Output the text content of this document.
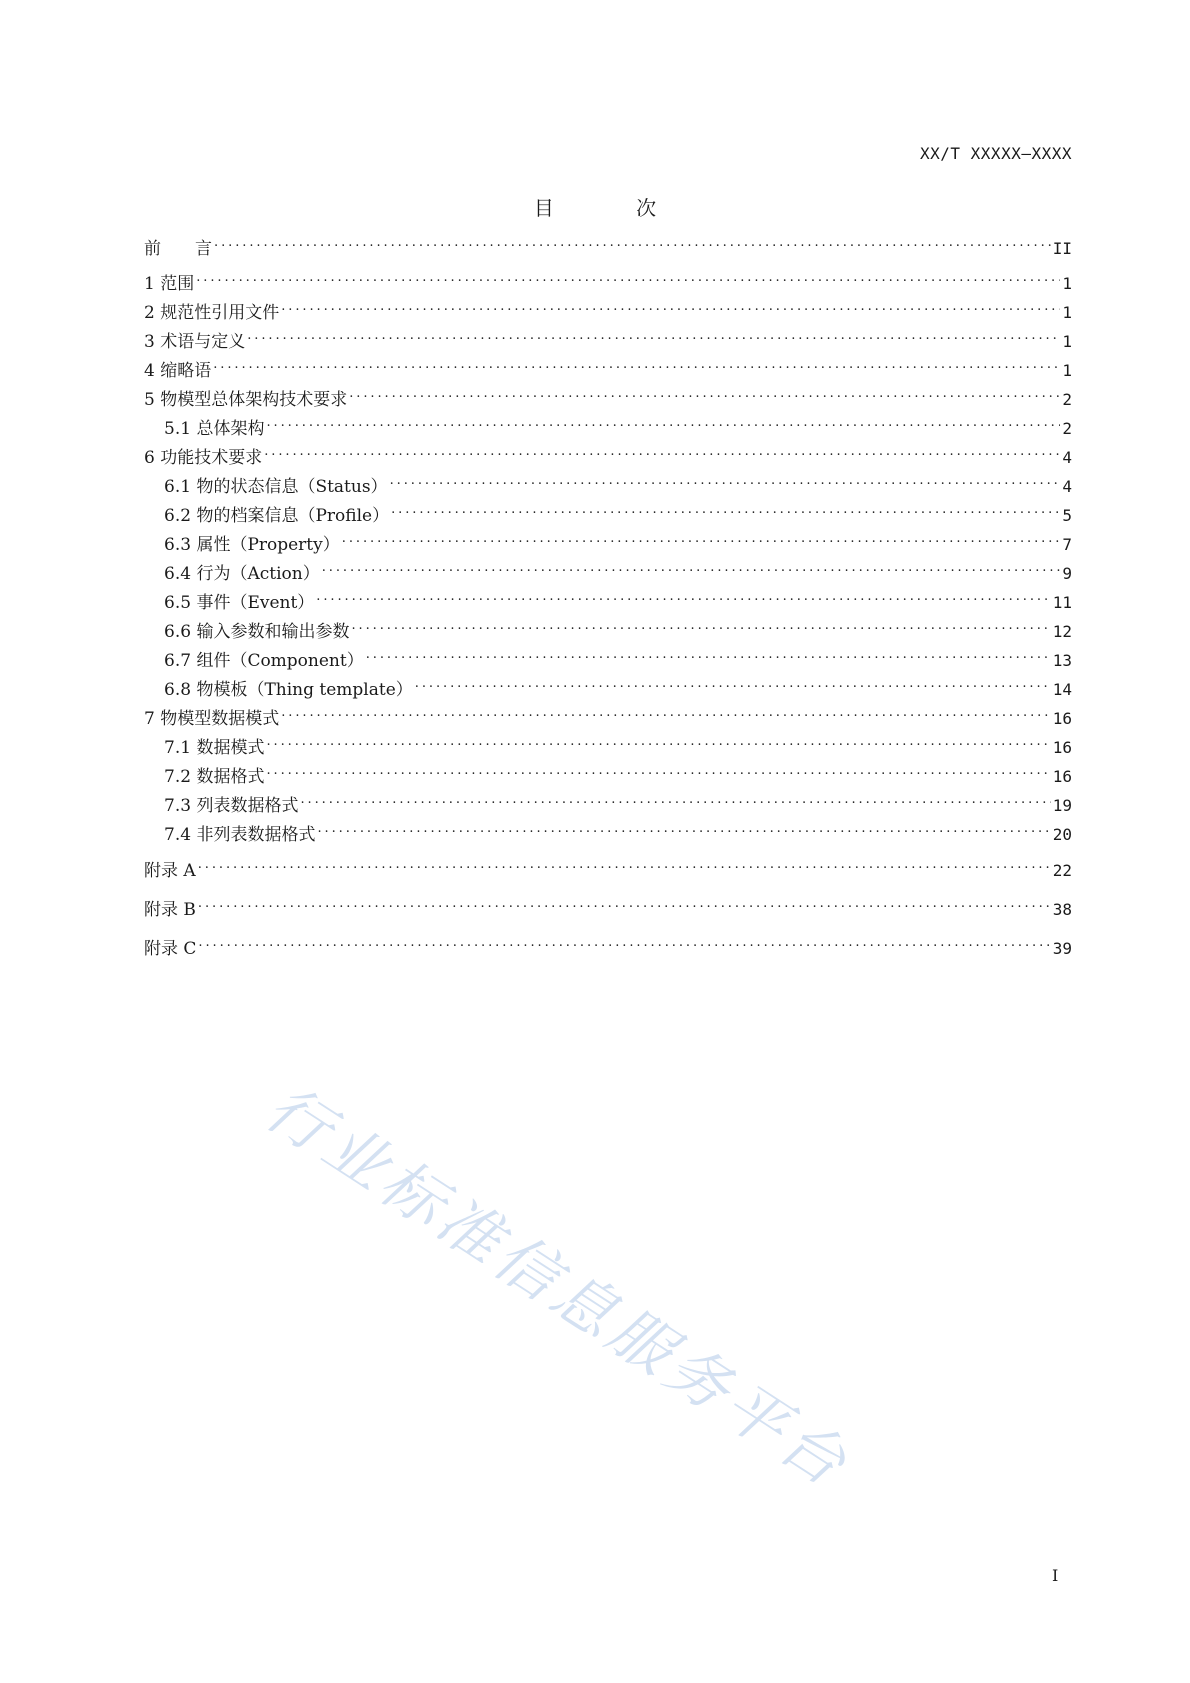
XX/T XXXXX—XXXX
目 次
前　　言 . . .	II
1 范围 . . .	1
2 规范性引用文件 . . .	1
3 术语与定义 . . .	1
4 缩略语 . . .	1
5 物模型总体架构技术要求 . . .	2
5.1 总体架构 . . .	2
6 功能技术要求 . . .	4
6.1 物的状态信息（Status） . . .	4
6.2 物的档案信息（Profile） . . .	5
6.3 属性（Property） . . .	7
6.4 行为（Action） . . .	9
6.5 事件（Event） . . .	11
6.6 输入参数和输出参数 . . .	12
6.7 组件（Component） . . .	13
6.8 物模板（Thing template） . . .	14
7 物模型数据模式 . . .	16
7.1 数据模式 . . .	16
7.2 数据格式 . . .	16
7.3 列表数据格式 . . .	19
7.4 非列表数据格式 . . .	20
附录 A . . .	22
附录 B . . .	38
附录 C . . .	39
行业标准信息服务平台
I
